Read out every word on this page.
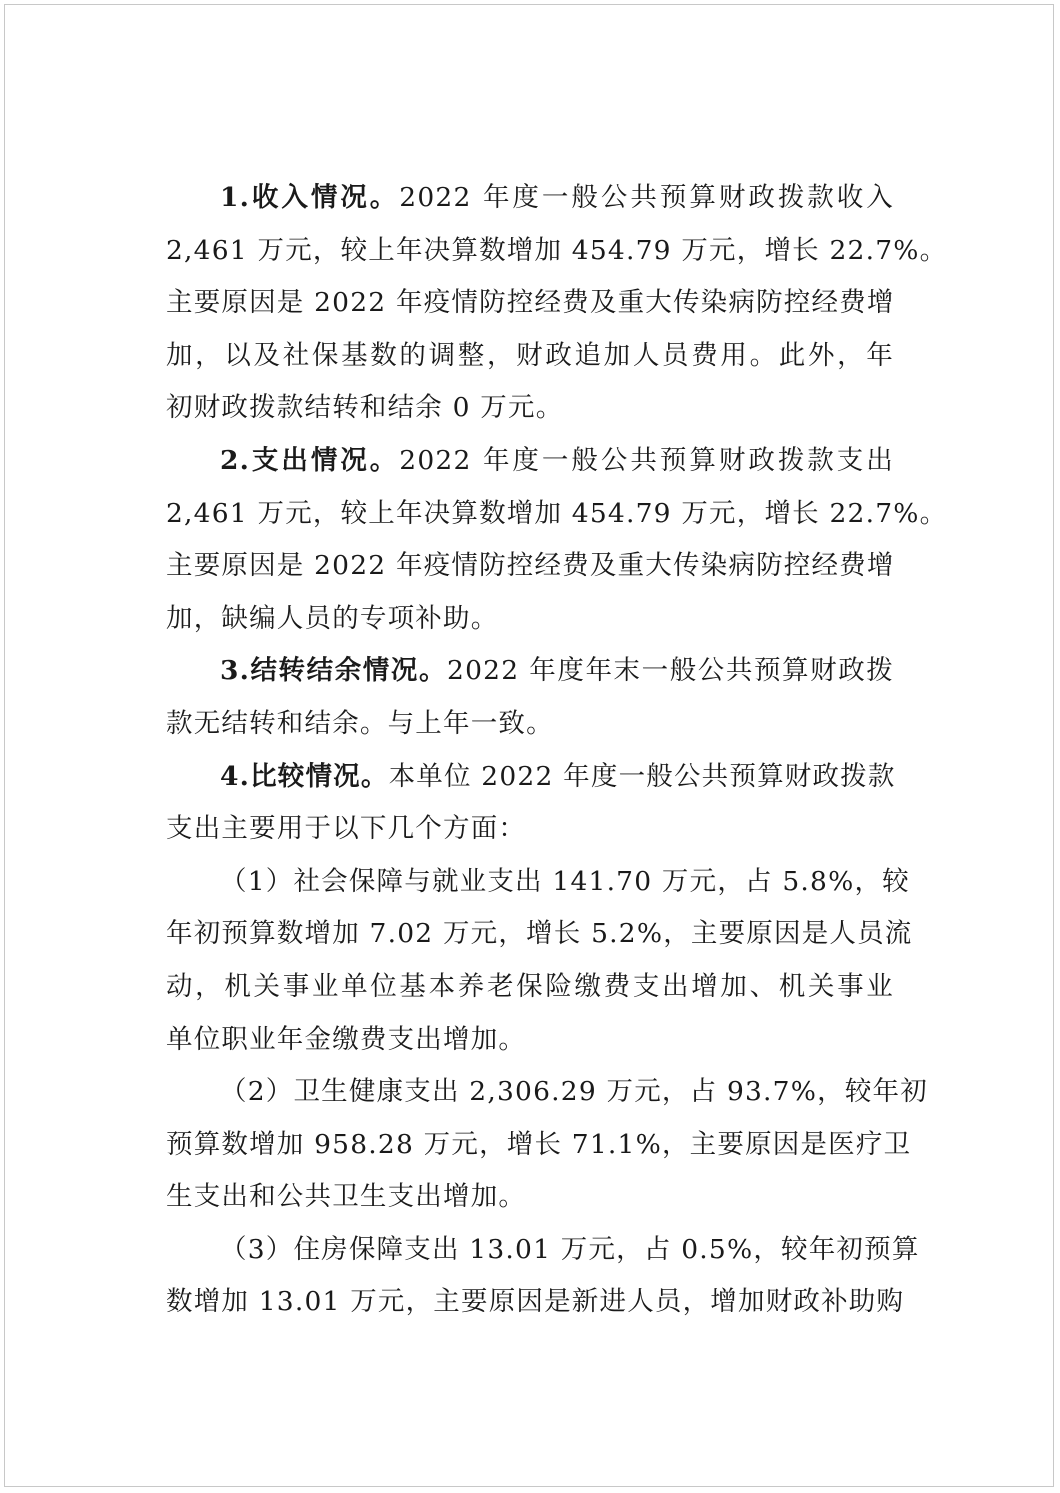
1.收入情况。2022 年度一般公共预算财政拨款收入
2,461 万元，较上年决算数增加 454.79 万元，增长 22.7%。
主要原因是 2022 年疫情防控经费及重大传染病防控经费增
加，以及社保基数的调整，财政追加人员费用。此外，年
初财政拨款结转和结余 0 万元。
2.支出情况。2022 年度一般公共预算财政拨款支出
2,461 万元，较上年决算数增加 454.79 万元，增长 22.7%。
主要原因是 2022 年疫情防控经费及重大传染病防控经费增
加，缺编人员的专项补助。
3.结转结余情况。2022 年度年末一般公共预算财政拨
款无结转和结余。与上年一致。
4.比较情况。本单位 2022 年度一般公共预算财政拨款
支出主要用于以下几个方面：
（1）社会保障与就业支出 141.70 万元，占 5.8%，较
年初预算数增加 7.02 万元，增长 5.2%，主要原因是人员流
动，机关事业单位基本养老保险缴费支出增加、机关事业
单位职业年金缴费支出增加。
（2）卫生健康支出 2,306.29 万元，占 93.7%，较年初
预算数增加 958.28 万元，增长 71.1%，主要原因是医疗卫
生支出和公共卫生支出增加。
（3）住房保障支出 13.01 万元，占 0.5%，较年初预算
数增加 13.01 万元，主要原因是新进人员，增加财政补助购
